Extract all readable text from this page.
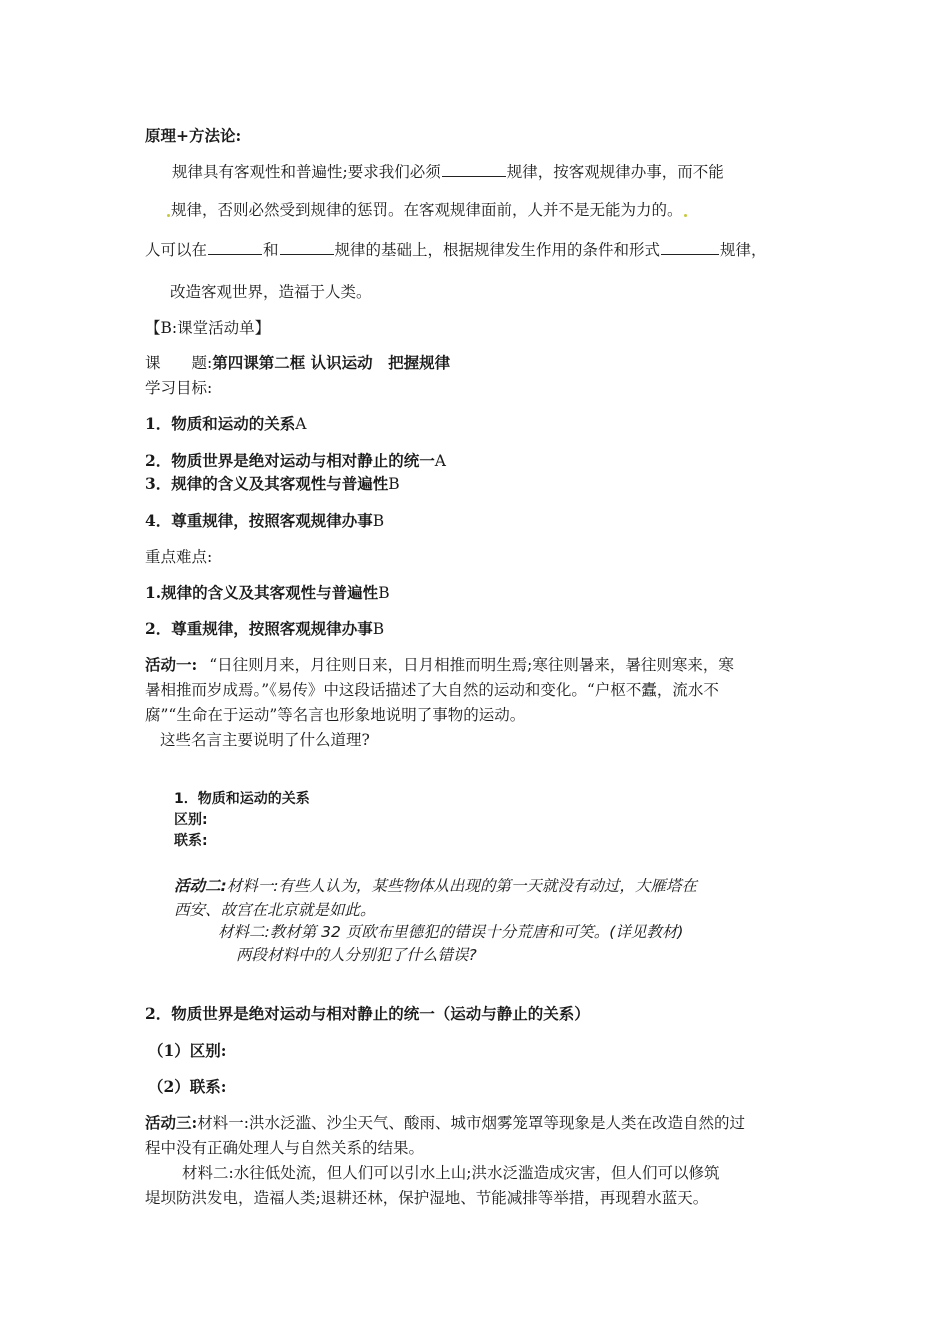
原理+方法论:
规律具有客观性和普遍性;要求我们必须	规律，按客观规律办事，而不能
规律，否则必然受到规律的惩罚。在客观规律面前，人并不是无能为力的。
人可以在	和	规律的基础上，根据规律发生作用的条件和形式	规律，
改造客观世界，造福于人类。
【B:课堂活动单】
课　　题:第四课第二框 认识运动　把握规律
学习目标:
1．物质和运动的关系A
2．物质世界是绝对运动与相对静止的统一A
3．规律的含义及其客观性与普遍性B
4．尊重规律，按照客观规律办事B
重点难点:
1.规律的含义及其客观性与普遍性B
2．尊重规律，按照客观规律办事B
活动一: “日往则月来，月往则日来，日月相推而明生焉;寒往则暑来，暑往则寒来，寒
暑相推而岁成焉。”《易传》中这段话描述了大自然的运动和变化。“户枢不蠹，流水不
腐”“生命在于运动”等名言也形象地说明了事物的运动。
这些名言主要说明了什么道理?
1．物质和运动的关系
区别:
联系:
活动二:材料一:有些人认为，某些物体从出现的第一天就没有动过，大雁塔在
西安、故宫在北京就是如此。
材料二:教材第 32 页欧布里德犯的错误十分荒唐和可笑。(详见教材)
两段材料中的人分别犯了什么错误?
2．物质世界是绝对运动与相对静止的统一（运动与静止的关系）
（1）区别:
（2）联系:
活动三:材料一:洪水泛滥、沙尘天气、酸雨、城市烟雾笼罩等现象是人类在改造自然的过
程中没有正确处理人与自然关系的结果。
材料二:水往低处流，但人们可以引水上山;洪水泛滥造成灾害，但人们可以修筑
堤坝防洪发电，造福人类;退耕还林，保护湿地、节能减排等举措，再现碧水蓝天。
